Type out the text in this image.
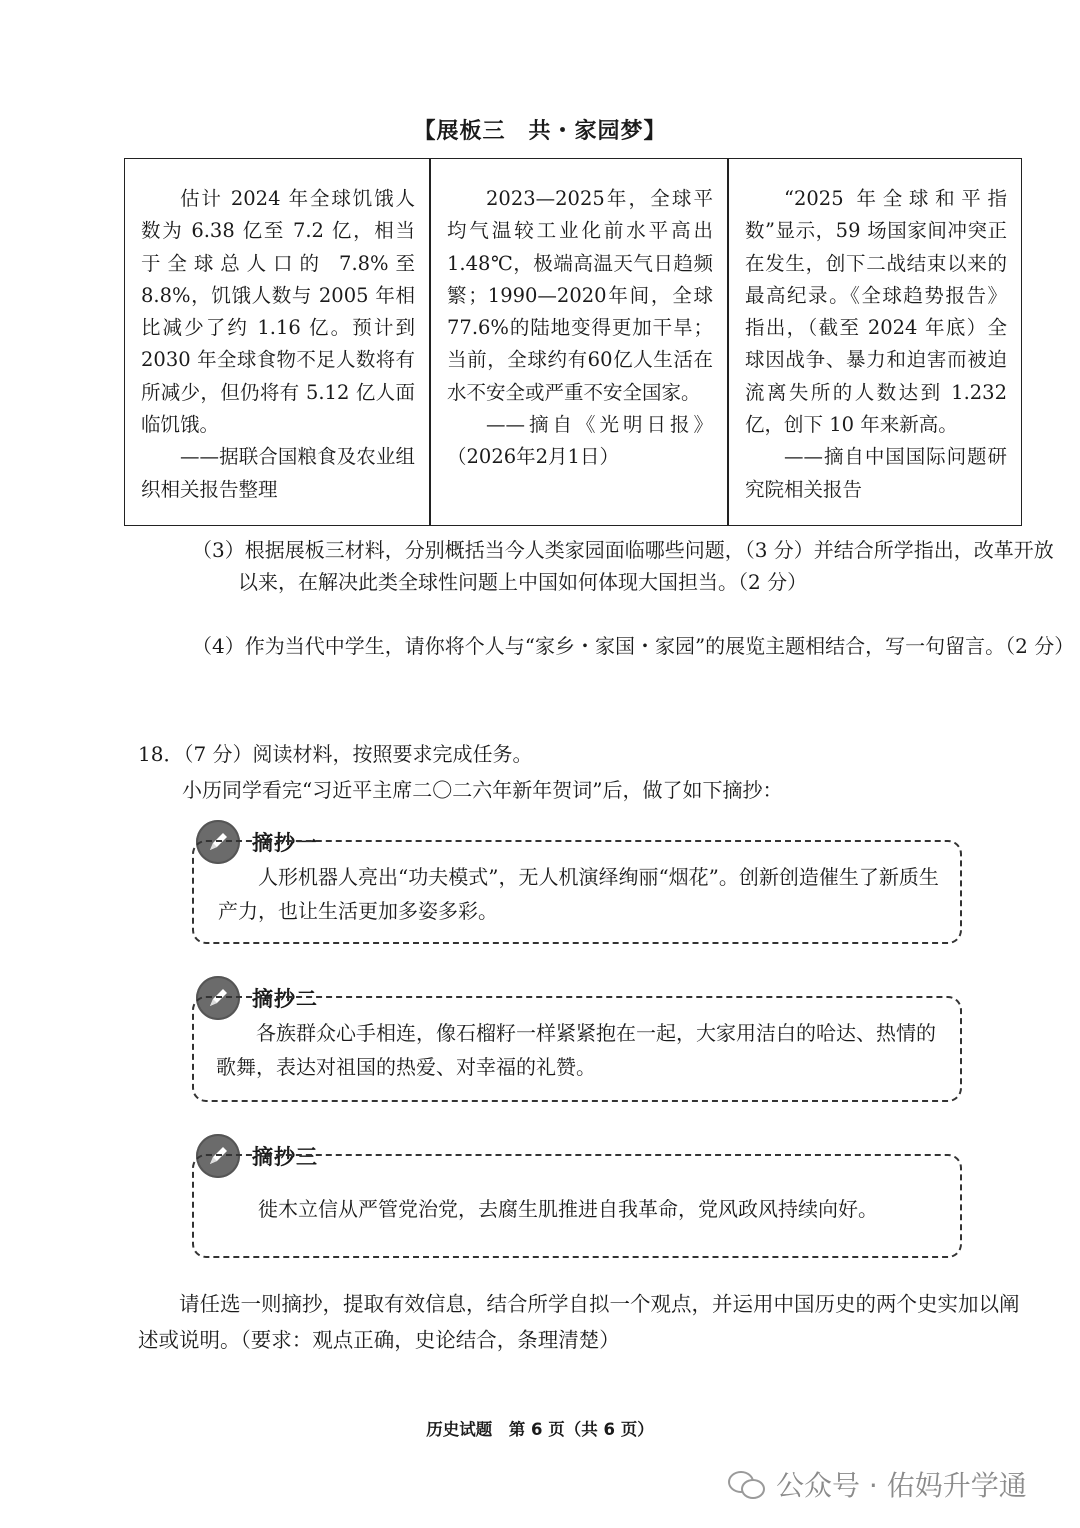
【展板三　共・家园梦】

估计 2024 年全球饥饿人数为 6.38 亿至 7.2 亿，相当于全球总人口的 7.8%至 8.8%，饥饿人数与 2005 年相比减少了约 1.16 亿。预计到 2030 年全球食物不足人数将有所减少，但仍将有 5.12 亿人面临饥饿。

——据联合国粮食及农业组织相关报告整理

2023—2025年，全球平均气温较工业化前水平高出1.48℃，极端高温天气日趋频繁；1990—2020年间，全球77.6%的陆地变得更加干旱；当前，全球约有60亿人生活在水不安全或严重不安全国家。

——摘自《光明日报》（2026年2月1日）

“2025 年全球和平指数”显示，59 场国家间冲突正在发生，创下二战结束以来的最高纪录。《全球趋势报告》指出，（截至 2024 年底）全球因战争、暴力和迫害而被迫流离失所的人数达到 1.232 亿，创下 10 年来新高。

——摘自中国国际问题研究院相关报告

（3）根据展板三材料，分别概括当今人类家园面临哪些问题，（3 分）并结合所学指出，改革开放以来，在解决此类全球性问题上中国如何体现大国担当。（2 分）
（4）作为当代中学生，请你将个人与“家乡・家国・家园”的展览主题相结合，写一句留言。（2 分）
18．（7 分）阅读材料，按照要求完成任务。
小历同学看完“习近平主席二〇二六年新年贺词”后，做了如下摘抄：
摘抄一
人形机器人亮出“功夫模式”，无人机演绎绚丽“烟花”。创新创造催生了新质生产力，也让生活更加多姿多彩。
摘抄二
各族群众心手相连，像石榴籽一样紧紧抱在一起，大家用洁白的哈达、热情的歌舞，表达对祖国的热爱、对幸福的礼赞。
摘抄三
徙木立信从严管党治党，去腐生肌推进自我革命，党风政风持续向好。
请任选一则摘抄，提取有效信息，结合所学自拟一个观点，并运用中国历史的两个史实加以阐述或说明。（要求：观点正确，史论结合，条理清楚）
历史试题　第 6 页（共 6 页）
公众号 · 佑妈升学通
